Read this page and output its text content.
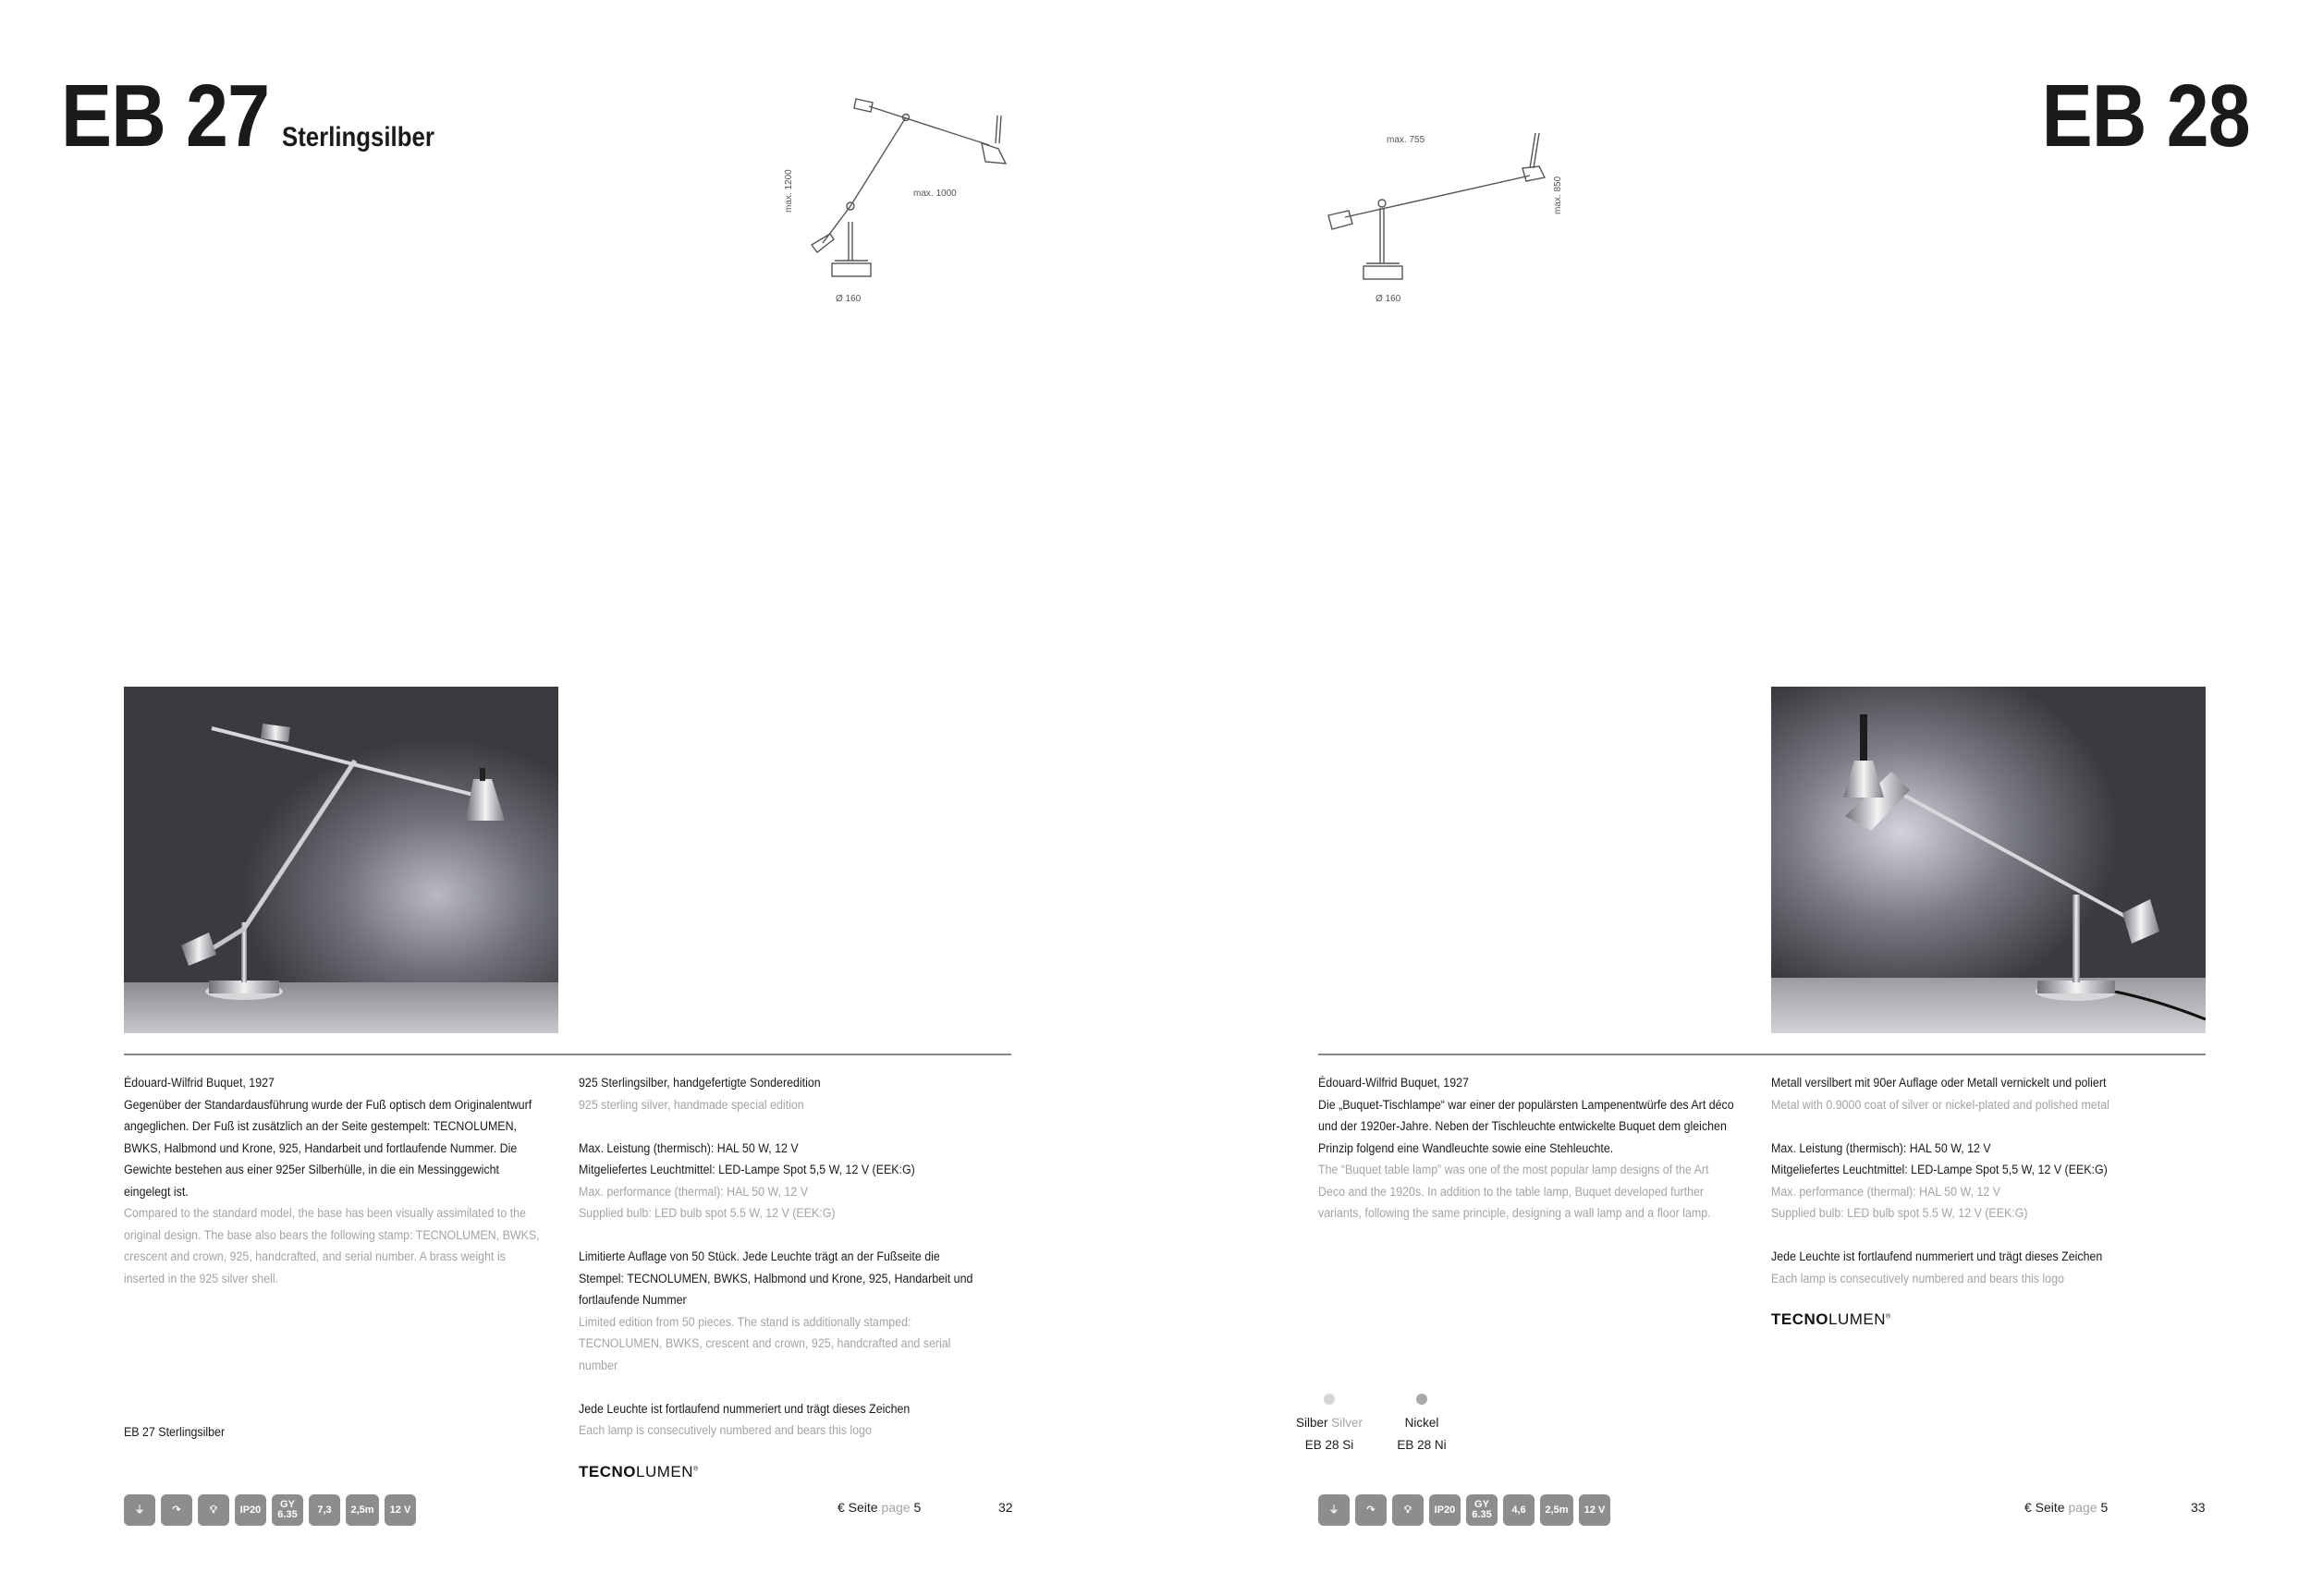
EB 27 Sterlingsilber
max. 1200	max. 1000
Ø 160
Édouard-Wilfrid Buquet, 1927
Gegenüber der Standardausführung wurde der Fuß optisch dem Originalentwurf angeglichen. Der Fuß ist zusätzlich an der Seite gestempelt: TECNOLUMEN, BWKS, Halbmond und Krone, 925, Handarbeit und fortlaufende Nummer. Die Gewichte bestehen aus einer 925er Silberhülle, in die ein Messinggewicht eingelegt ist.
Compared to the standard model, the base has been visually assimilated to the original design. The base also bears the following stamp: TECNOLUMEN, BWKS, crescent and crown, 925, handcrafted, and serial number. A brass weight is inserted in the 925 silver shell.
925 Sterlingsilber, handgefertigte Sonderedition

925 sterling silver, handmade special edition

Max. Leistung (thermisch): HAL 50 W, 12 V
Mitgeliefertes Leuchtmittel: LED-Lampe Spot 5,5 W, 12 V (EEK:G)
Max. performance (thermal): HAL 50 W, 12 V

Supplied bulb: LED bulb spot 5.5 W, 12 V (EEK:G)

Limitierte Auflage von 50 Stück. Jede Leuchte trägt an der Fußseite die Stempel: TECNOLUMEN, BWKS, Halbmond und Krone, 925, Handarbeit und fortlaufende Nummer

Limited edition from 50 pieces. The stand is additionally stamped: TECNOLUMEN, BWKS, crescent and crown, 925, handcrafted and serial number

Jede Leuchte ist fortlaufend nummeriert und trägt dieses Zeichen
Each lamp is consecutively numbered and bears this logo
EB 27 Sterlingsilber
TECNOLUMEN®
⏚	↷	💡︎	IP20	GY 6.35	7,3	2,5m	12 V	€ Seite page 5	32
EB 28
max. 755
max. 850
Ø 160
Édouard-Wilfrid Buquet, 1927
Die „Buquet-Tischlampe“ war einer der populärsten Lampenentwürfe des Art déco und der 1920er-Jahre. Neben der Tischleuchte entwickelte Buquet dem gleichen Prinzip folgend eine Wandleuchte sowie eine Stehleuchte.
The “Buquet table lamp” was one of the most popular lamp designs of the Art Deco and the 1920s. In addition to the table lamp, Buquet developed further variants, following the same principle, designing a wall lamp and a floor lamp.
Metall versilbert mit 90er Auflage oder Metall vernickelt und poliert

Metal with 0.9000 coat of silver or nickel-plated and polished metal

Max. Leistung (thermisch): HAL 50 W, 12 V
Mitgeliefertes Leuchtmittel: LED-Lampe Spot 5,5 W, 12 V (EEK:G)
Max. performance (thermal): HAL 50 W, 12 V

Supplied bulb: LED bulb spot 5.5 W, 12 V (EEK:G)

Jede Leuchte ist fortlaufend nummeriert und trägt dieses Zeichen
Each lamp is consecutively numbered and bears this logo
TECNOLUMEN®
Silber Silver
EB 28 Si
Nickel
EB 28 Ni
⏚	↷	💡︎	IP20	GY 6.35	4,6	2,5m	12 V	€ Seite page 5	33
